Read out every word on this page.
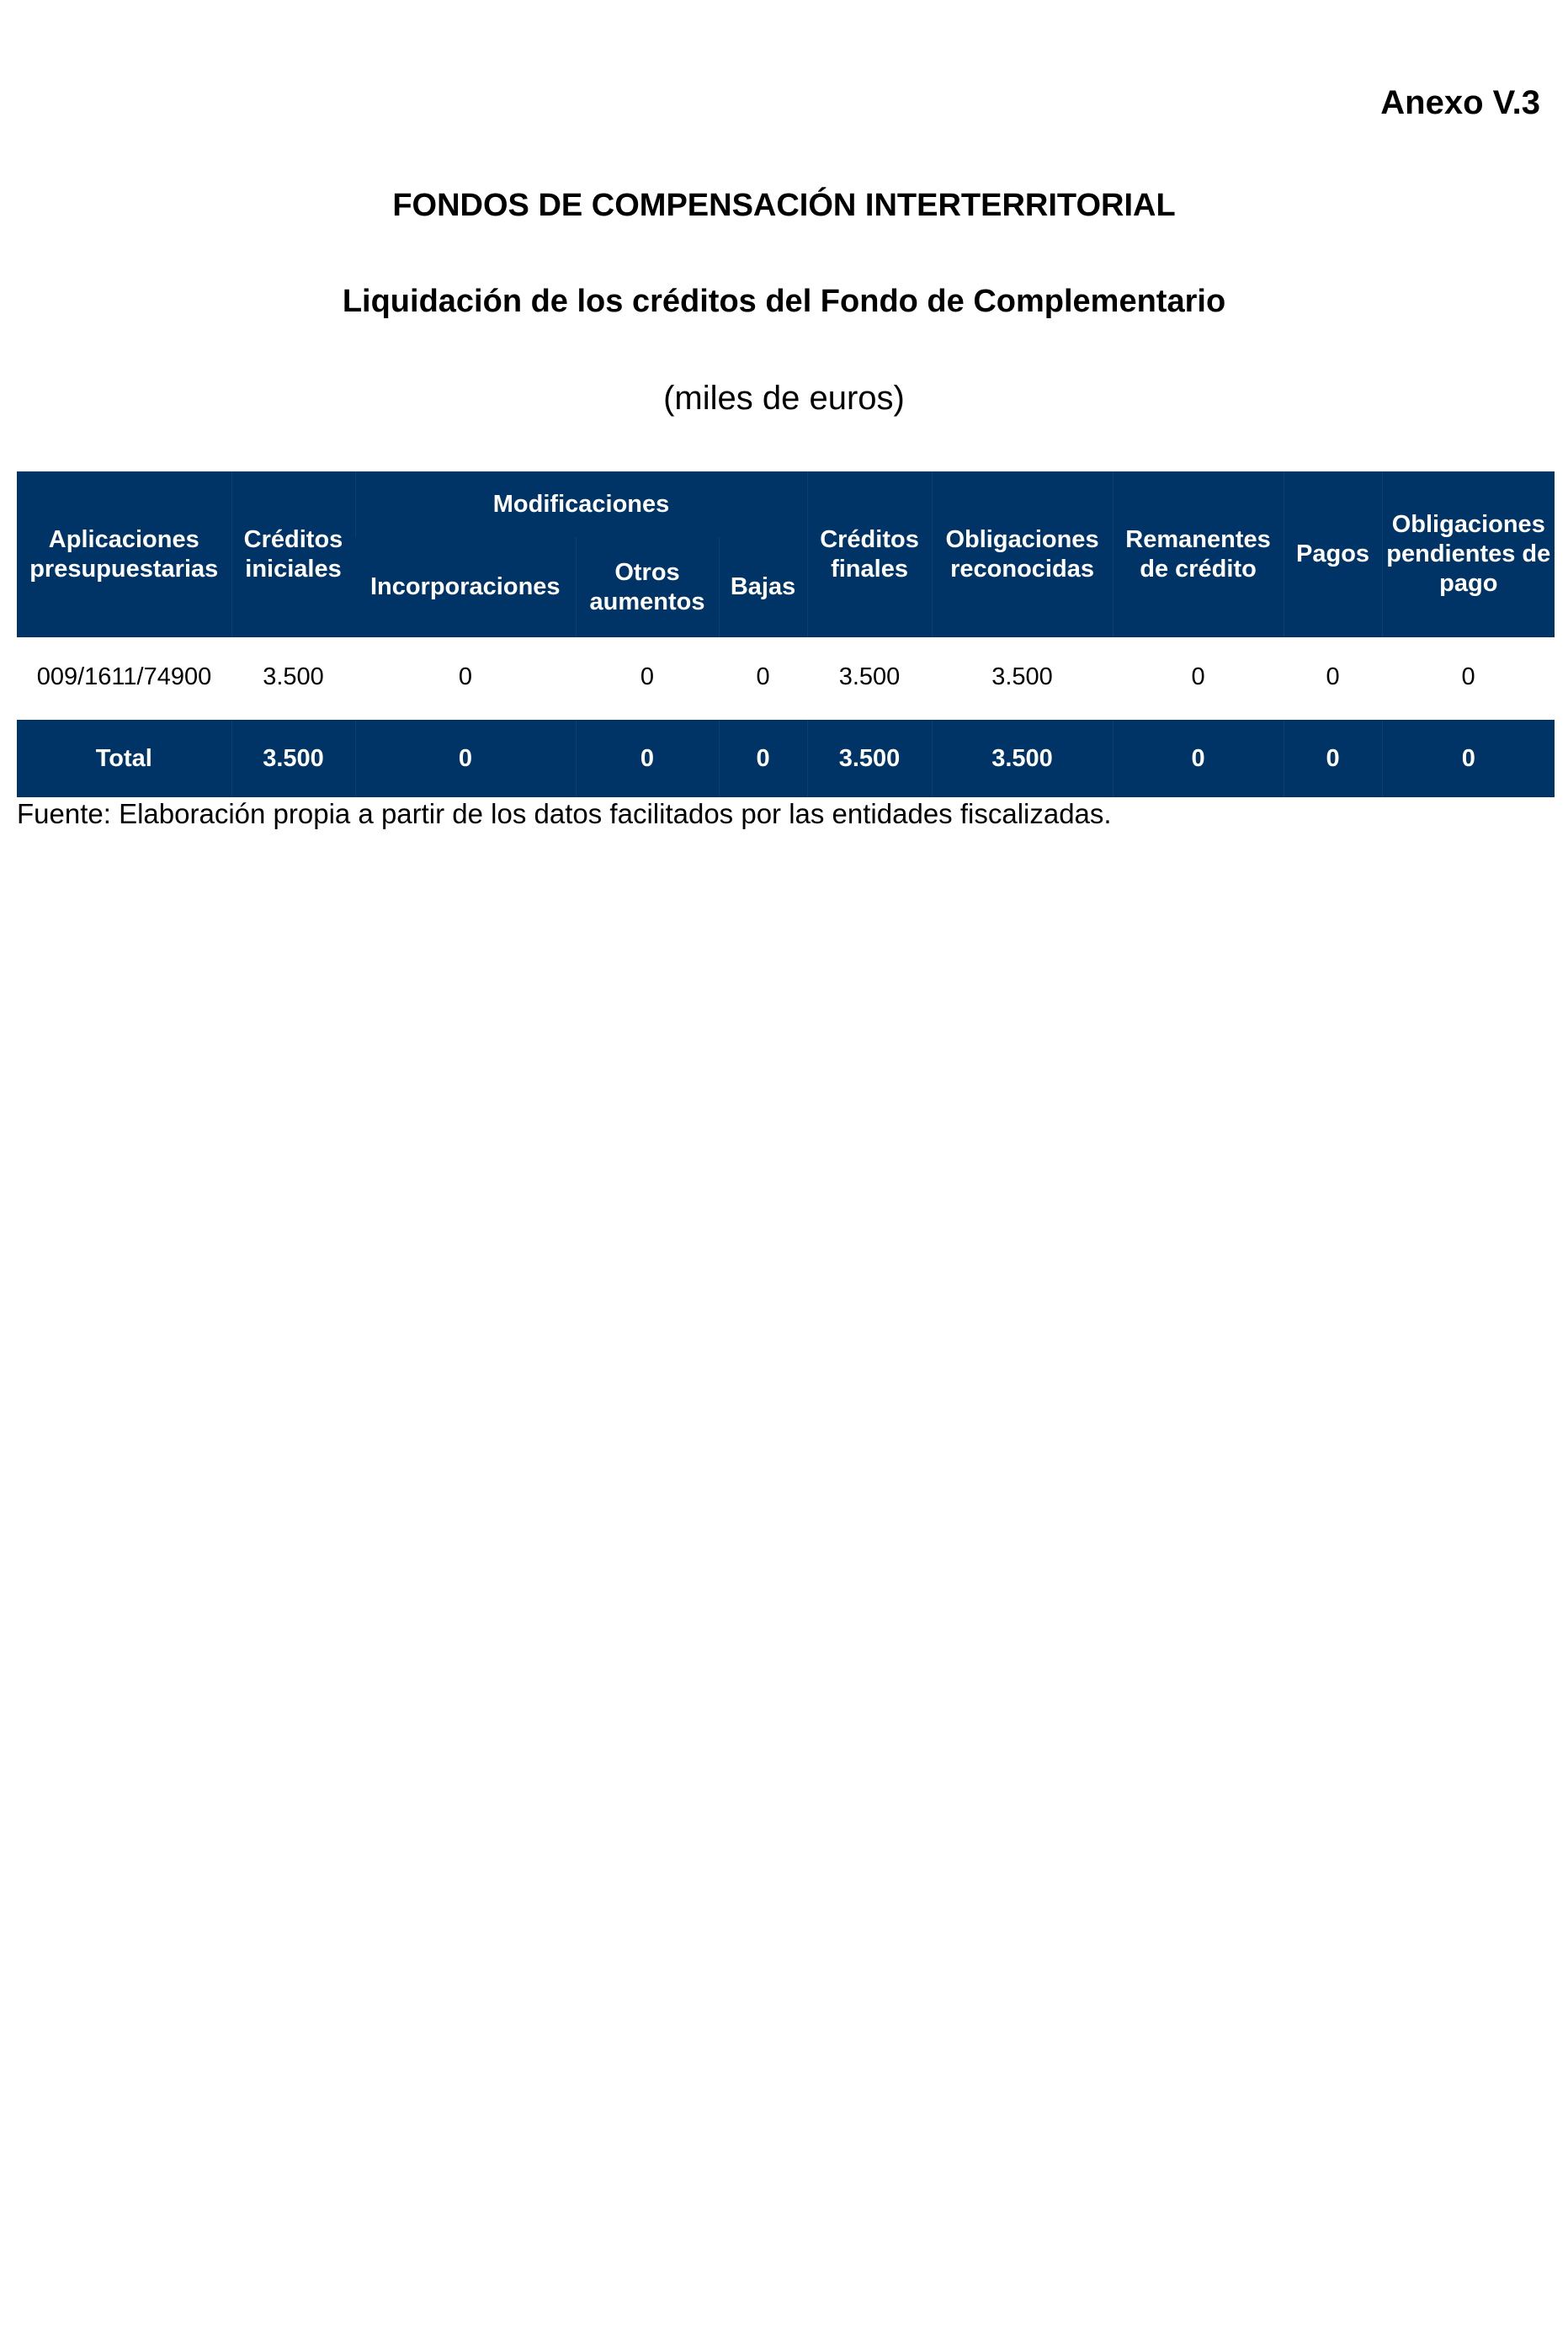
Anexo V.3
FONDOS DE COMPENSACIÓN INTERTERRITORIAL
Liquidación de los créditos del Fondo de Complementario
(miles de euros)
Aplicaciones presupuestarias	Créditos iniciales	Modificaciones			Créditos finales	Obligaciones reconocidas	Remanentes de crédito	Pagos	Obligaciones pendientes de pago
		Incorporaciones	Otros aumentos	Bajas					

009/1611/74900	3.500	0	0	0	3.500	3.500	0	0	0

Total	3.500	0	0	0	3.500	3.500	0	0	0
Fuente: Elaboración propia a partir de los datos facilitados por las entidades fiscalizadas.
